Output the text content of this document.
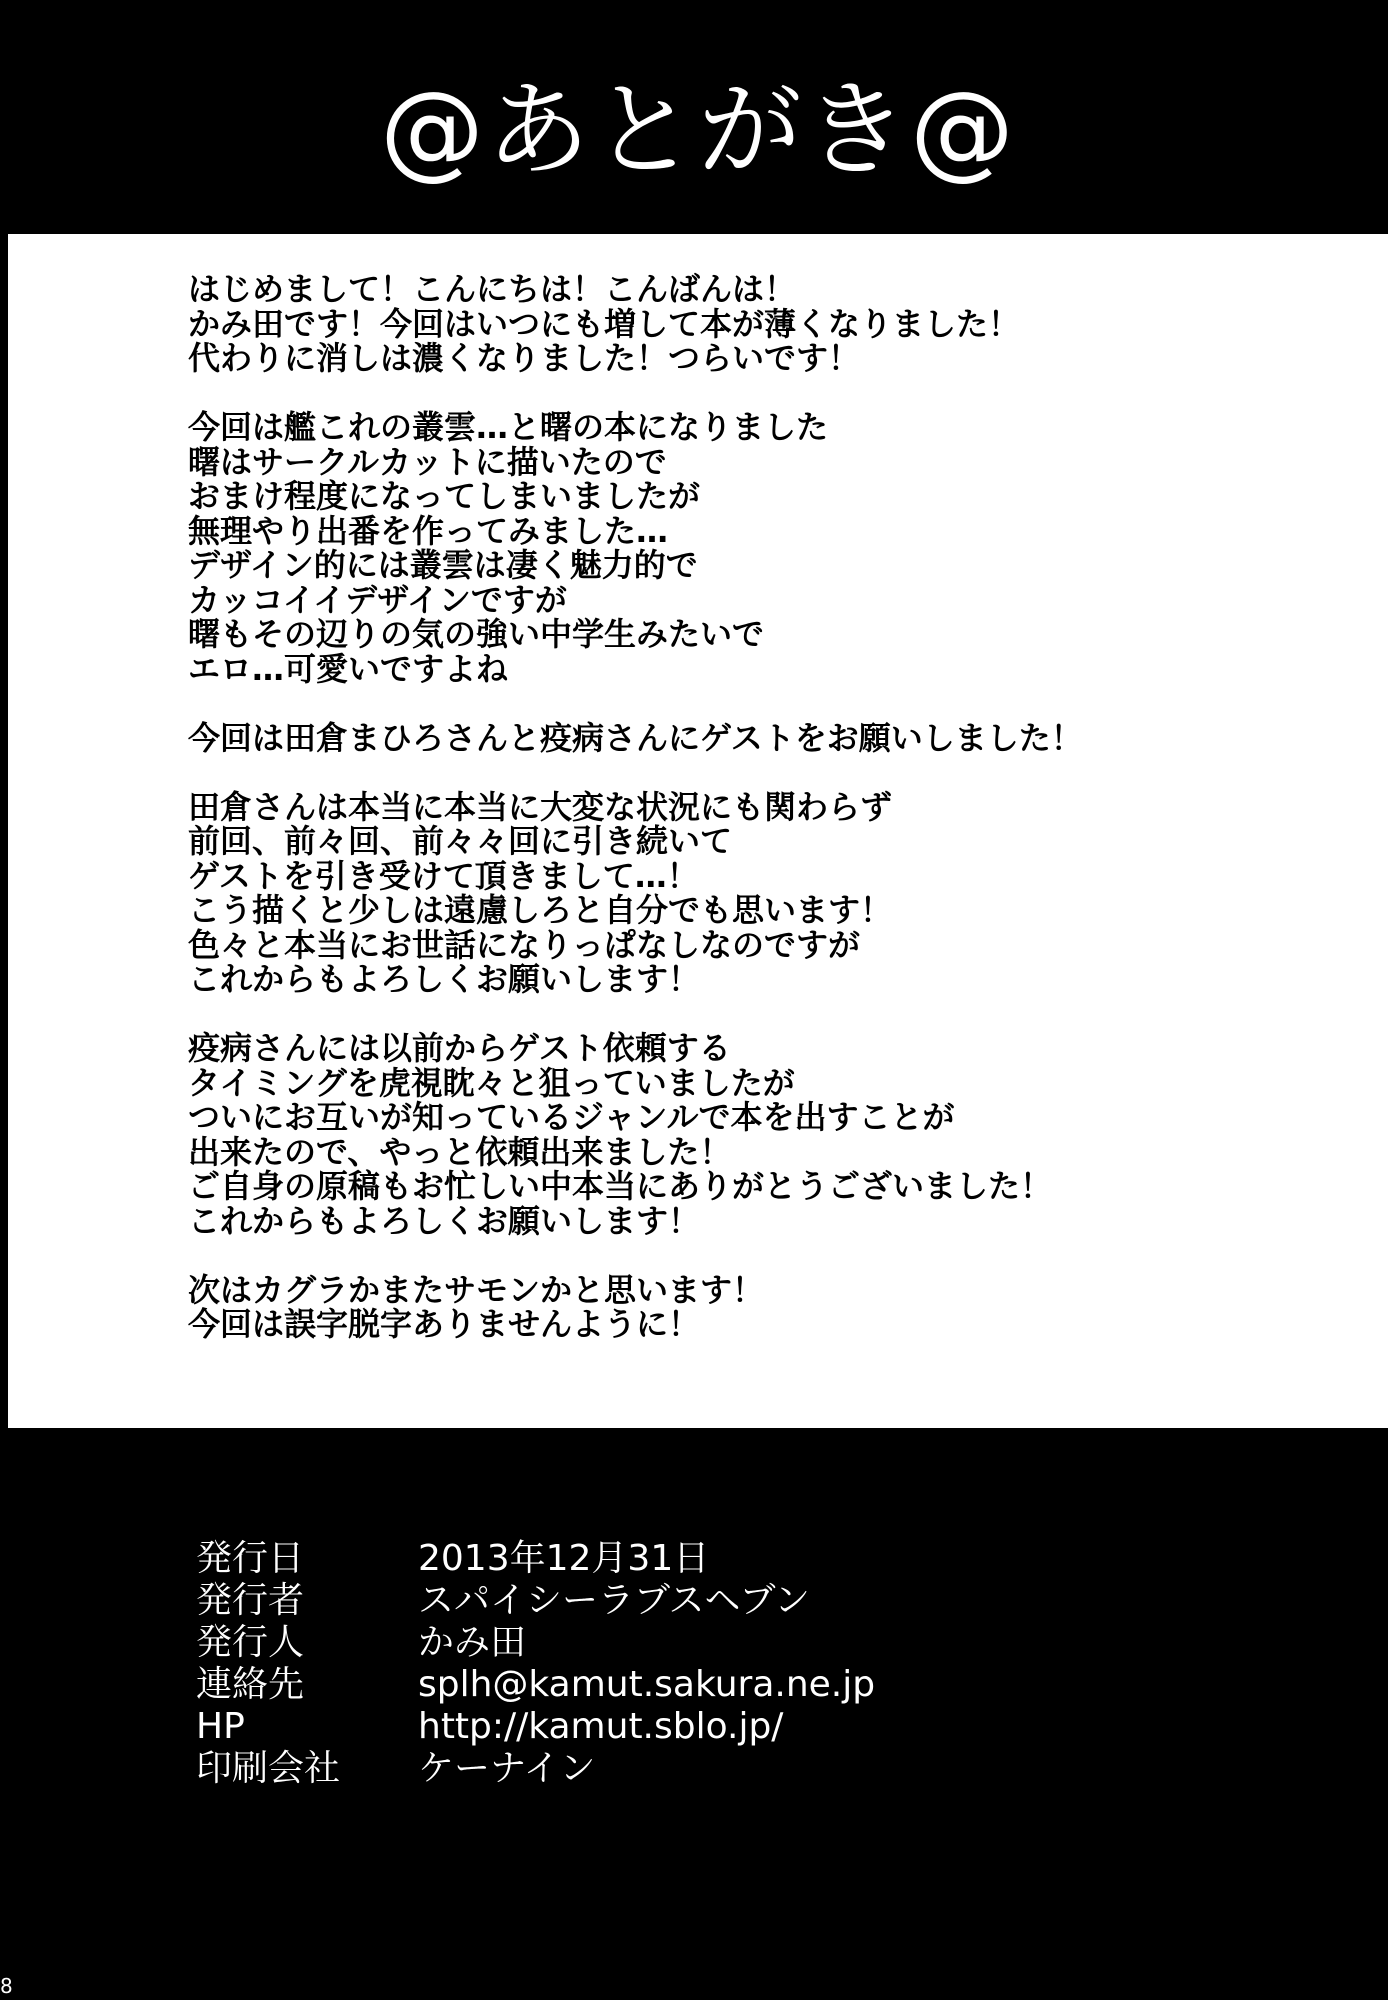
@あとがき@
はじめまして！こんにちは！こんばんは！
かみ田です！今回はいつにも増して本が薄くなりました！
代わりに消しは濃くなりました！つらいです！
今回は艦これの叢雲…と曙の本になりました
曙はサークルカットに描いたので
おまけ程度になってしまいましたが
無理やり出番を作ってみました…
デザイン的には叢雲は凄く魅力的で
カッコイイデザインですが
曙もその辺りの気の強い中学生みたいで
エロ…可愛いですよね
今回は田倉まひろさんと疫病さんにゲストをお願いしました！
田倉さんは本当に本当に大変な状況にも関わらず
前回、前々回、前々々回に引き続いて
ゲストを引き受けて頂きまして…！
こう描くと少しは遠慮しろと自分でも思います！
色々と本当にお世話になりっぱなしなのですが
これからもよろしくお願いします！
疫病さんには以前からゲスト依頼する
タイミングを虎視眈々と狙っていましたが
ついにお互いが知っているジャンルで本を出すことが
出来たので、やっと依頼出来ました！
ご自身の原稿もお忙しい中本当にありがとうございました！
これからもよろしくお願いします！
次はカグラかまたサモンかと思います！
今回は誤字脱字ありませんように！
発行日	2013年12月31日
発行者	スパイシーラブスヘブン
発行人	かみ田
連絡先	splh@kamut.sakura.ne.jp
HP	http://kamut.sblo.jp/
印刷会社	ケーナイン
8
